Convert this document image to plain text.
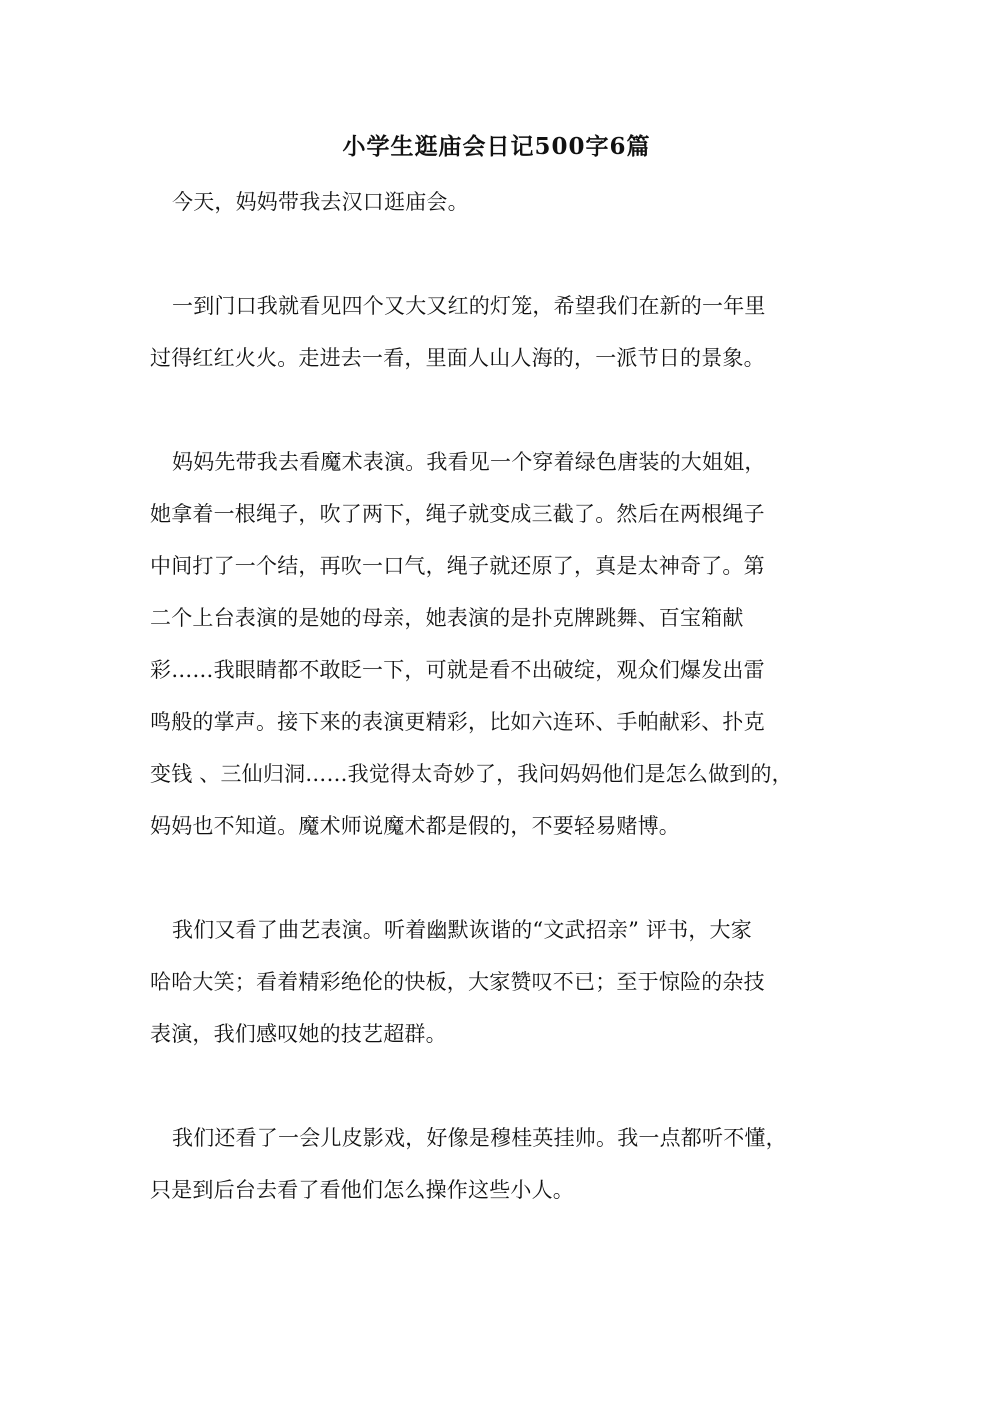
小学生逛庙会日记500字6篇
今天，妈妈带我去汉口逛庙会。
一到门口我就看见四个又大又红的灯笼，希望我们在新的一年里
过得红红火火。走进去一看，里面人山人海的，一派节日的景象。
妈妈先带我去看魔术表演。我看见一个穿着绿色唐装的大姐姐，
她拿着一根绳子，吹了两下，绳子就变成三截了。然后在两根绳子
中间打了一个结，再吹一口气，绳子就还原了，真是太神奇了。第
二个上台表演的是她的母亲，她表演的是扑克牌跳舞、百宝箱献
彩……我眼睛都不敢眨一下，可就是看不出破绽，观众们爆发出雷
鸣般的掌声。接下来的表演更精彩，比如六连环、手帕献彩、扑克
变钱 、三仙归洞……我觉得太奇妙了，我问妈妈他们是怎么做到的，
妈妈也不知道。魔术师说魔术都是假的，不要轻易赌博。
我们又看了曲艺表演。听着幽默诙谐的“文武招亲” 评书，大家
哈哈大笑；看着精彩绝伦的快板，大家赞叹不已；至于惊险的杂技
表演，我们感叹她的技艺超群。
我们还看了一会儿皮影戏，好像是穆桂英挂帅。我一点都听不懂，
只是到后台去看了看他们怎么操作这些小人。
